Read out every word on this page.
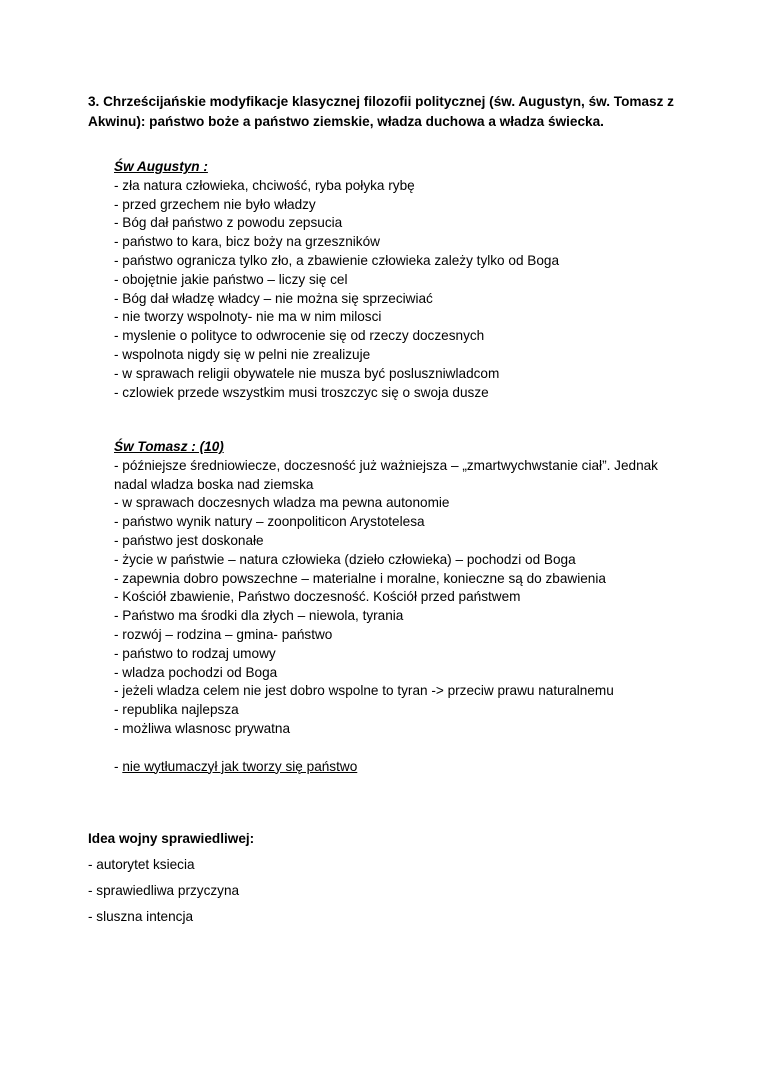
3. Chrześcijańskie modyfikacje klasycznej filozofii politycznej (św. Augustyn, św. Tomasz z
Akwinu): państwo boże a państwo ziemskie, władza duchowa a władza świecka.
Św Augustyn :
- zła natura człowieka, chciwość, ryba połyka rybę
- przed grzechem nie było władzy
- Bóg dał państwo z powodu zepsucia
- państwo to kara, bicz boży na grzeszników
- państwo ogranicza tylko zło, a zbawienie człowieka zależy tylko od Boga
- obojętnie jakie państwo – liczy się cel
- Bóg dał władzę władcy – nie można się sprzeciwiać
- nie tworzy wspolnoty- nie ma w nim milosci
- myslenie o polityce to odwrocenie się od rzeczy doczesnych
- wspolnota nigdy się w pelni nie zrealizuje
- w sprawach religii obywatele nie musza być posluszniwladcom
- czlowiek przede wszystkim musi troszczyc się o swoja dusze
Św Tomasz : (10)
- późniejsze średniowiecze, doczesność już ważniejsza – „zmartwychwstanie ciał”. Jednak
nadal wladza boska nad ziemska
- w sprawach doczesnych wladza ma pewna autonomie
- państwo wynik natury – zoonpoliticon Arystotelesa
- państwo jest doskonałe
- życie w państwie – natura człowieka (dzieło człowieka) – pochodzi od Boga
- zapewnia dobro powszechne – materialne i moralne, konieczne są do zbawienia
- Kościół zbawienie, Państwo doczesność. Kościół przed państwem
- Państwo ma środki dla złych – niewola, tyrania
- rozwój – rodzina – gmina- państwo
- państwo to rodzaj umowy
- wladza pochodzi od Boga
- jeżeli wladza celem nie jest dobro wspolne to tyran -> przeciw prawu naturalnemu
- republika najlepsza
- możliwa wlasnosc prywatna
- nie wytłumaczył jak tworzy się państwo
Idea wojny sprawiedliwej:
- autorytet ksiecia
- sprawiedliwa przyczyna
- sluszna intencja
